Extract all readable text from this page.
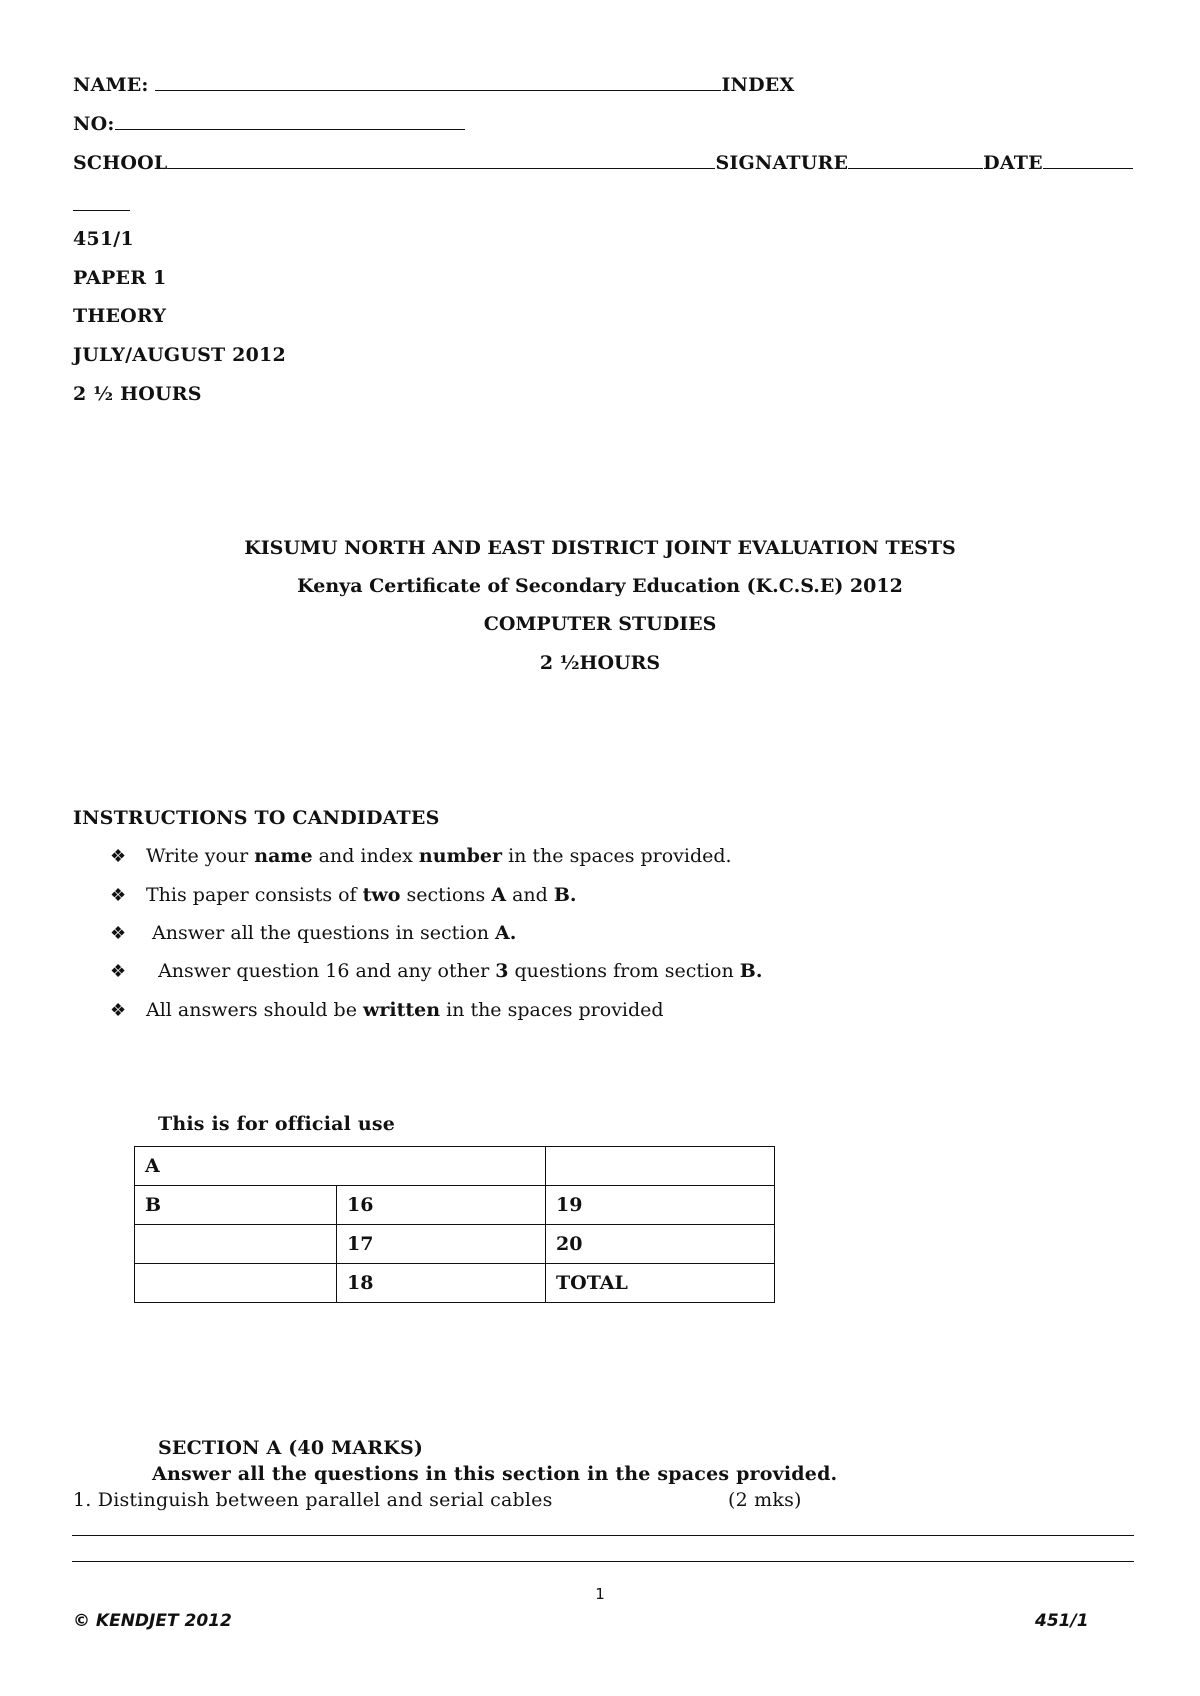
NAME:	INDEX
NO:
SCHOOL	SIGNATURE	DATE
451/1
PAPER 1
THEORY
JULY/AUGUST 2012
2 ½ HOURS
KISUMU NORTH AND EAST DISTRICT JOINT EVALUATION TESTS
Kenya Certificate of Secondary Education (K.C.S.E) 2012
COMPUTER STUDIES
2 ½HOURS
INSTRUCTIONS TO CANDIDATES
❖ Write your name and index number in the spaces provided.
❖ This paper consists of two sections A and B.
❖ Answer all the questions in section A.
❖  Answer question 16 and any other 3 questions from section B.
❖ All answers should be written in the spaces provided
This is for official use
A		
B	16	19
	17	20
	18	TOTAL
SECTION A (40 MARKS)
Answer all the questions in this section in the spaces provided.
1. Distinguish between parallel and serial cables	(2 mks)
1
© KENDJET 2012	451/1
